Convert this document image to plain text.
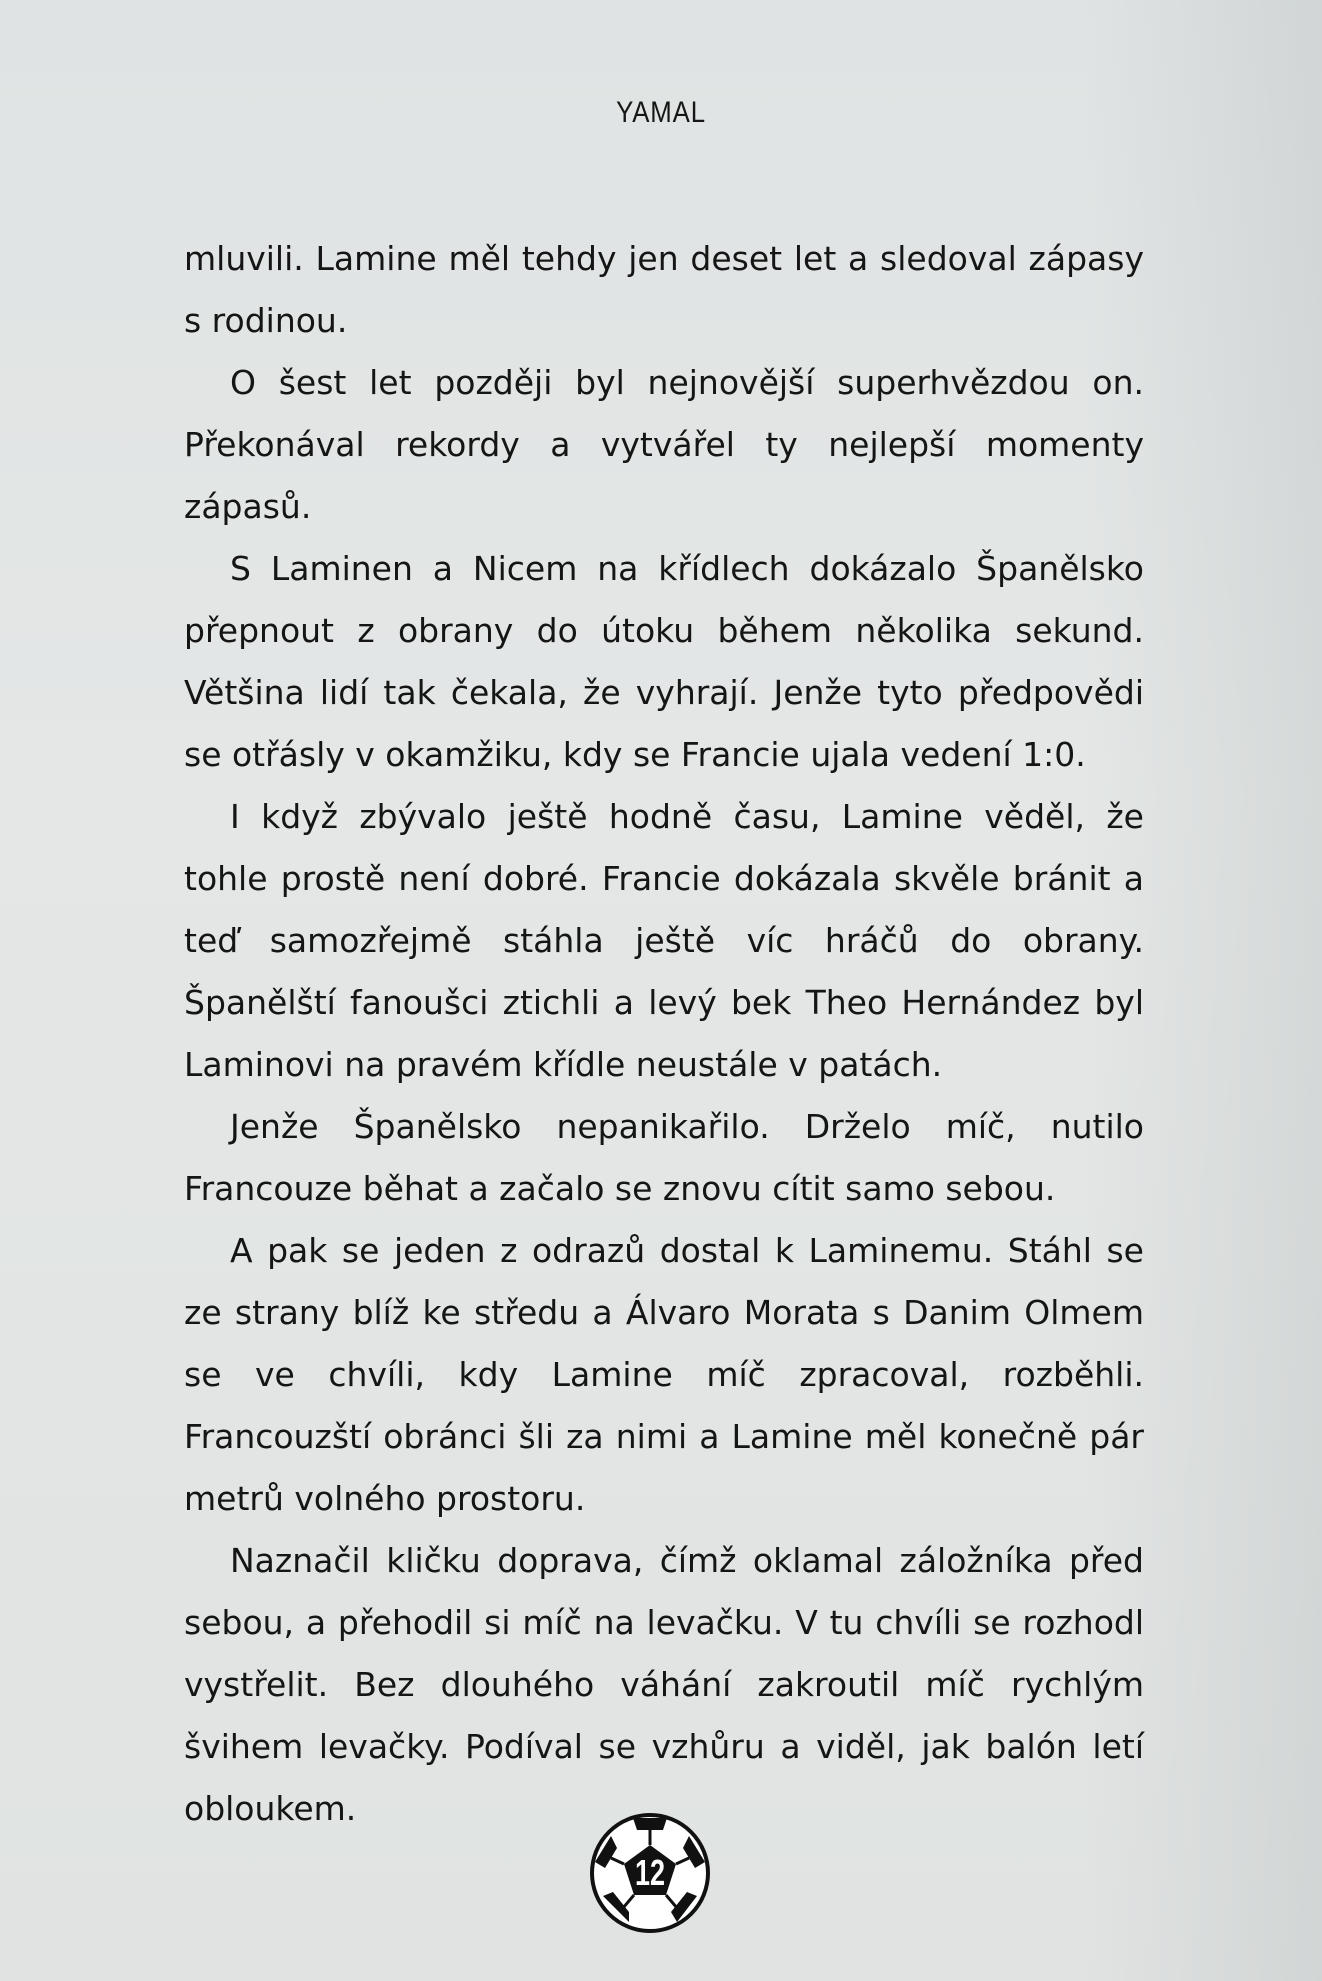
YAMAL

mluvili. Lamine měl tehdy jen deset let a sledoval zápasy s rodinou.

O šest let později byl nejnovější superhvězdou on. Překonával rekordy a vytvářel ty nejlepší momenty zápasů.

S Laminen a Nicem na křídlech dokázalo Španělsko přepnout z obrany do útoku během několika sekund. Většina lidí tak čekala, že vyhrají. Jenže tyto předpovědi se otřásly v okamžiku, kdy se Francie ujala vedení 1:0.

I když zbývalo ještě hodně času, Lamine věděl, že tohle prostě není dobré. Francie dokázala skvěle bránit a teď samozřejmě stáhla ještě víc hráčů do obrany. Španělští fanoušci ztichli a levý bek Theo Hernández byl Laminovi na pravém křídle neustále v patách.

Jenže Španělsko nepanikařilo. Drželo míč, nutilo Francouze běhat a začalo se znovu cítit samo sebou.

A pak se jeden z odrazů dostal k Laminemu. Stáhl se ze strany blíž ke středu a Álvaro Morata s Danim Olmem se ve chvíli, kdy Lamine míč zpracoval, rozběhli. Francouzští obránci šli za nimi a Lamine měl konečně pár metrů volného prostoru.

Naznačil kličku doprava, čímž oklamal záložníka před sebou, a přehodil si míč na levačku. V tu chvíli se rozhodl vystřelit. Bez dlouhého váhání zakroutil míč rychlým švihem levačky. Podíval se vzhůru a viděl, jak balón letí obloukem.

12
